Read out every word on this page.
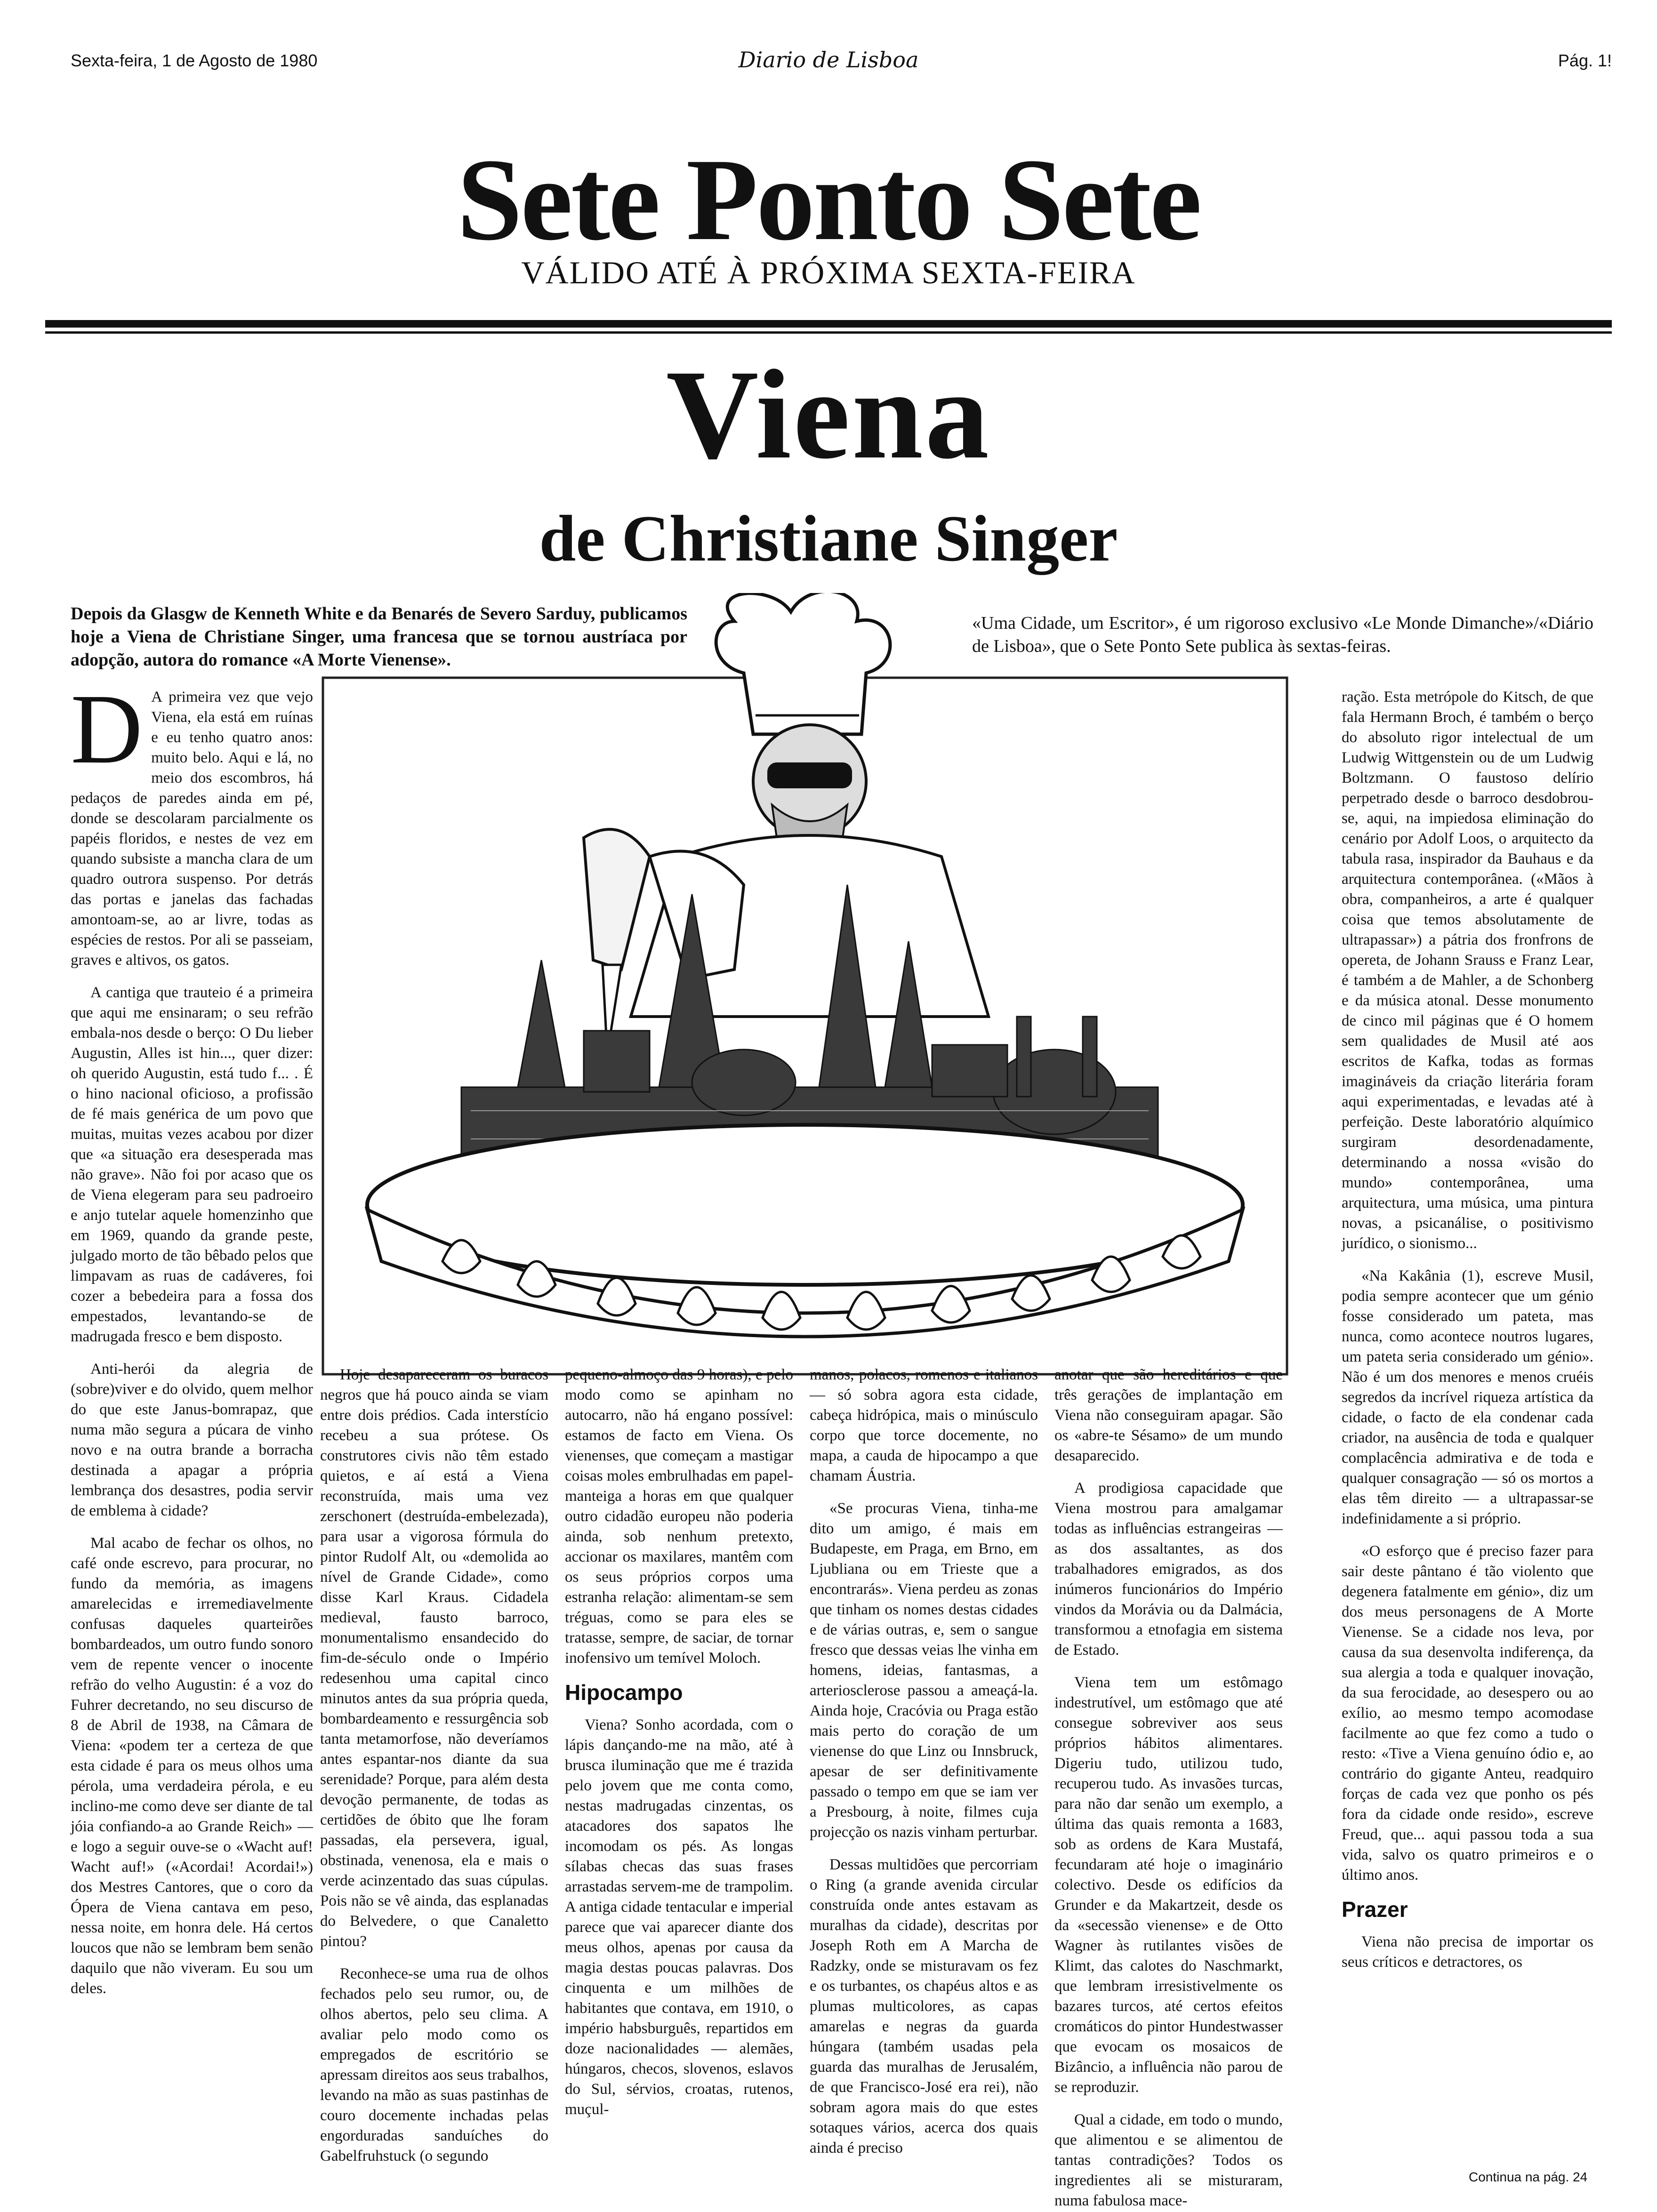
Sexta-feira, 1 de Agosto de 1980	Diario de Lisboa	Pág. 1!
Sete Ponto Sete
VÁLIDO ATÉ À PRÓXIMA SEXTA-FEIRA
Viena
de Christiane Singer
Depois da Glasgw de Kenneth White e da Benarés de Severo Sarduy, publicamos hoje a Viena de Christiane Singer, uma francesa que se tornou austríaca por adopção, autora do romance «A Morte Vienense».
«Uma Cidade, um Escritor», é um rigoroso exclusivo «Le Monde Dimanche»/«Diário de Lisboa», que o Sete Ponto Sete publica às sextas-feiras.

D A primeira vez que vejo Viena, ela está em ruínas e eu tenho quatro anos: muito belo. Aqui e lá, no meio dos escombros, há pedaços de paredes ainda em pé, donde se descolaram parcialmente os papéis floridos, e nestes de vez em quando subsiste a mancha clara de um quadro outrora suspenso. Por detrás das portas e janelas das fachadas amontoam-se, ao ar livre, todas as espécies de restos. Por ali se passeiam, graves e altivos, os gatos.

A cantiga que trauteio é a primeira que aqui me ensinaram; o seu refrão embala-nos desde o berço: O Du lieber Augustin, Alles ist hin..., quer dizer: oh querido Augustin, está tudo f... . É o hino nacional oficioso, a profissão de fé mais genérica de um povo que muitas, muitas vezes acabou por dizer que «a situação era desesperada mas não grave». Não foi por acaso que os de Viena elegeram para seu padroeiro e anjo tutelar aquele homenzinho que em 1969, quando da grande peste, julgado morto de tão bêbado pelos que limpavam as ruas de cadáveres, foi cozer a bebedeira para a fossa dos empestados, levantando-se de madrugada fresco e bem disposto.

Anti-herói da alegria de (sobre)viver e do olvido, quem melhor do que este Janus-bomrapaz, que numa mão segura a púcara de vinho novo e na outra brande a borracha destinada a apagar a própria lembrança dos desastres, podia servir de emblema à cidade?

Mal acabo de fechar os olhos, no café onde escrevo, para procurar, no fundo da memória, as imagens amarelecidas e irremediavelmente confusas daqueles quarteirões bombardeados, um outro fundo sonoro vem de repente vencer o inocente refrão do velho Augustin: é a voz do Fuhrer decretando, no seu discurso de 8 de Abril de 1938, na Câmara de Viena: «podem ter a certeza de que esta cidade é para os meus olhos uma pérola, uma verdadeira pérola, e eu inclino-me como deve ser diante de tal jóia confiando-a ao Grande Reich» — e logo a seguir ouve-se o «Wacht auf! Wacht auf!» («Acordai! Acordai!») dos Mestres Cantores, que o coro da Ópera de Viena cantava em peso, nessa noite, em honra dele. Há certos loucos que não se lembram bem senão daquilo que não viveram. Eu sou um deles.

Hoje desapareceram os buracos negros que há pouco ainda se viam entre dois prédios. Cada interstício recebeu a sua prótese. Os construtores civis não têm estado quietos, e aí está a Viena reconstruída, mais uma vez zerschonert (destruída-embelezada), para usar a vigorosa fórmula do pintor Rudolf Alt, ou «demolida ao nível de Grande Cidade», como disse Karl Kraus. Cidadela medieval, fausto barroco, monumentalismo ensandecido do fim-de-século onde o Império redesenhou uma capital cinco minutos antes da sua própria queda, bombardeamento e ressurgência sob tanta metamorfose, não deveríamos antes espantar-nos diante da sua serenidade? Porque, para além desta devoção permanente, de todas as certidões de óbito que lhe foram passadas, ela persevera, igual, obstinada, venenosa, ela e mais o verde acinzentado das suas cúpulas. Pois não se vê ainda, das esplanadas do Belvedere, o que Canaletto pintou?

Reconhece-se uma rua de olhos fechados pelo seu rumor, ou, de olhos abertos, pelo seu clima. A avaliar pelo modo como os empregados de escritório se apressam direitos aos seus trabalhos, levando na mão as suas pastinhas de couro docemente inchadas pelas engorduradas sanduíches do Gabelfruhstuck (o segundo

pequeno-almoço das 9 horas), e pelo modo como se apinham no autocarro, não há engano possível: estamos de facto em Viena. Os vienenses, que começam a mastigar coisas moles embrulhadas em papel-manteiga a horas em que qualquer outro cidadão europeu não poderia ainda, sob nenhum pretexto, accionar os maxilares, mantêm com os seus próprios corpos uma estranha relação: alimentam-se sem tréguas, como se para eles se tratasse, sempre, de saciar, de tornar inofensivo um temível Moloch.

Hipocampo

Viena? Sonho acordada, com o lápis dançando-me na mão, até à brusca iluminação que me é trazida pelo jovem que me conta como, nestas madrugadas cinzentas, os atacadores dos sapatos lhe incomodam os pés. As longas sílabas checas das suas frases arrastadas servem-me de trampolim. A antiga cidade tentacular e imperial parece que vai aparecer diante dos meus olhos, apenas por causa da magia destas poucas palavras. Dos cinquenta e um milhões de habitantes que contava, em 1910, o império habsburguês, repartidos em doze nacionalidades — alemães, húngaros, checos, slovenos, eslavos do Sul, sérvios, croatas, rutenos, muçul-

manos, polacos, romenos e italianos — só sobra agora esta cidade, cabeça hidrópica, mais o minúsculo corpo que torce docemente, no mapa, a cauda de hipocampo a que chamam Áustria.

«Se procuras Viena, tinha-me dito um amigo, é mais em Budapeste, em Praga, em Brno, em Ljubliana ou em Trieste que a encontrarás». Viena perdeu as zonas que tinham os nomes destas cidades e de várias outras, e, sem o sangue fresco que dessas veias lhe vinha em homens, ideias, fantasmas, a arteriosclerose passou a ameaçá-la. Ainda hoje, Cracóvia ou Praga estão mais perto do coração de um vienense do que Linz ou Innsbruck, apesar de ser definitivamente passado o tempo em que se iam ver a Presbourg, à noite, filmes cuja projecção os nazis vinham perturbar.

Dessas multidões que percorriam o Ring (a grande avenida circular construída onde antes estavam as muralhas da cidade), descritas por Joseph Roth em A Marcha de Radzky, onde se misturavam os fez e os turbantes, os chapéus altos e as plumas multicolores, as capas amarelas e negras da guarda húngara (também usadas pela guarda das muralhas de Jerusalém, de que Francisco-José era rei), não sobram agora mais do que estes sotaques vários, acerca dos quais ainda é preciso

anotar que são hereditários e que três gerações de implantação em Viena não conseguiram apagar. São os «abre-te Sésamo» de um mundo desaparecido.

A prodigiosa capacidade que Viena mostrou para amalgamar todas as influências estrangeiras — as dos assaltantes, as dos trabalhadores emigrados, as dos inúmeros funcionários do Império vindos da Morávia ou da Dalmácia, transformou a etnofagia em sistema de Estado.

Viena tem um estômago indestrutível, um estômago que até consegue sobreviver aos seus próprios hábitos alimentares. Digeriu tudo, utilizou tudo, recuperou tudo. As invasões turcas, para não dar senão um exemplo, a última das quais remonta a 1683, sob as ordens de Kara Mustafá, fecundaram até hoje o imaginário colectivo. Desde os edifícios da Grunder e da Makartzeit, desde os da «secessão vienense» e de Otto Wagner às rutilantes visões de Klimt, das calotes do Naschmarkt, que lembram irresistivelmente os bazares turcos, até certos efeitos cromáticos do pintor Hundestwasser que evocam os mosaicos de Bizâncio, a influência não parou de se reproduzir.

Qual a cidade, em todo o mundo, que alimentou e se alimentou de tantas contradições? Todos os ingredientes ali se misturaram, numa fabulosa mace-

ração. Esta metrópole do Kitsch, de que fala Hermann Broch, é também o berço do absoluto rigor intelectual de um Ludwig Wittgenstein ou de um Ludwig Boltzmann. O faustoso delírio perpetrado desde o barroco desdobrou-se, aqui, na impiedosa eliminação do cenário por Adolf Loos, o arquitecto da tabula rasa, inspirador da Bauhaus e da arquitectura contemporânea. («Mãos à obra, companheiros, a arte é qualquer coisa que temos absolutamente de ultrapassar») a pátria dos fronfrons de opereta, de Johann Srauss e Franz Lear, é também a de Mahler, a de Schonberg e da música atonal. Desse monumento de cinco mil páginas que é O homem sem qualidades de Musil até aos escritos de Kafka, todas as formas imagináveis da criação literária foram aqui experimentadas, e levadas até à perfeição. Deste laboratório alquímico surgiram desordenadamente, determinando a nossa «visão do mundo» contemporânea, uma arquitectura, uma música, uma pintura novas, a psicanálise, o positivismo jurídico, o sionismo...

«Na Kakânia (1), escreve Musil, podia sempre acontecer que um génio fosse considerado um pateta, mas nunca, como acontece noutros lugares, um pateta seria considerado um génio». Não é um dos menores e menos cruéis segredos da incrível riqueza artística da cidade, o facto de ela condenar cada criador, na ausência de toda e qualquer complacência admirativa e de toda e qualquer consagração — só os mortos a elas têm direito — a ultrapassar-se indefinidamente a si próprio.

«O esforço que é preciso fazer para sair deste pântano é tão violento que degenera fatalmente em génio», diz um dos meus personagens de A Morte Vienense. Se a cidade nos leva, por causa da sua desenvolta indiferença, da sua alergia a toda e qualquer inovação, da sua ferocidade, ao desespero ou ao exílio, ao mesmo tempo acomodase facilmente ao que fez como a tudo o resto: «Tive a Viena genuíno ódio e, ao contrário do gigante Anteu, readquiro forças de cada vez que ponho os pés fora da cidade onde resido», escreve Freud, que... aqui passou toda a sua vida, salvo os quatro primeiros e o último anos.

Prazer

Viena não precisa de importar os seus críticos e detractores, os

Continua na pág. 24
